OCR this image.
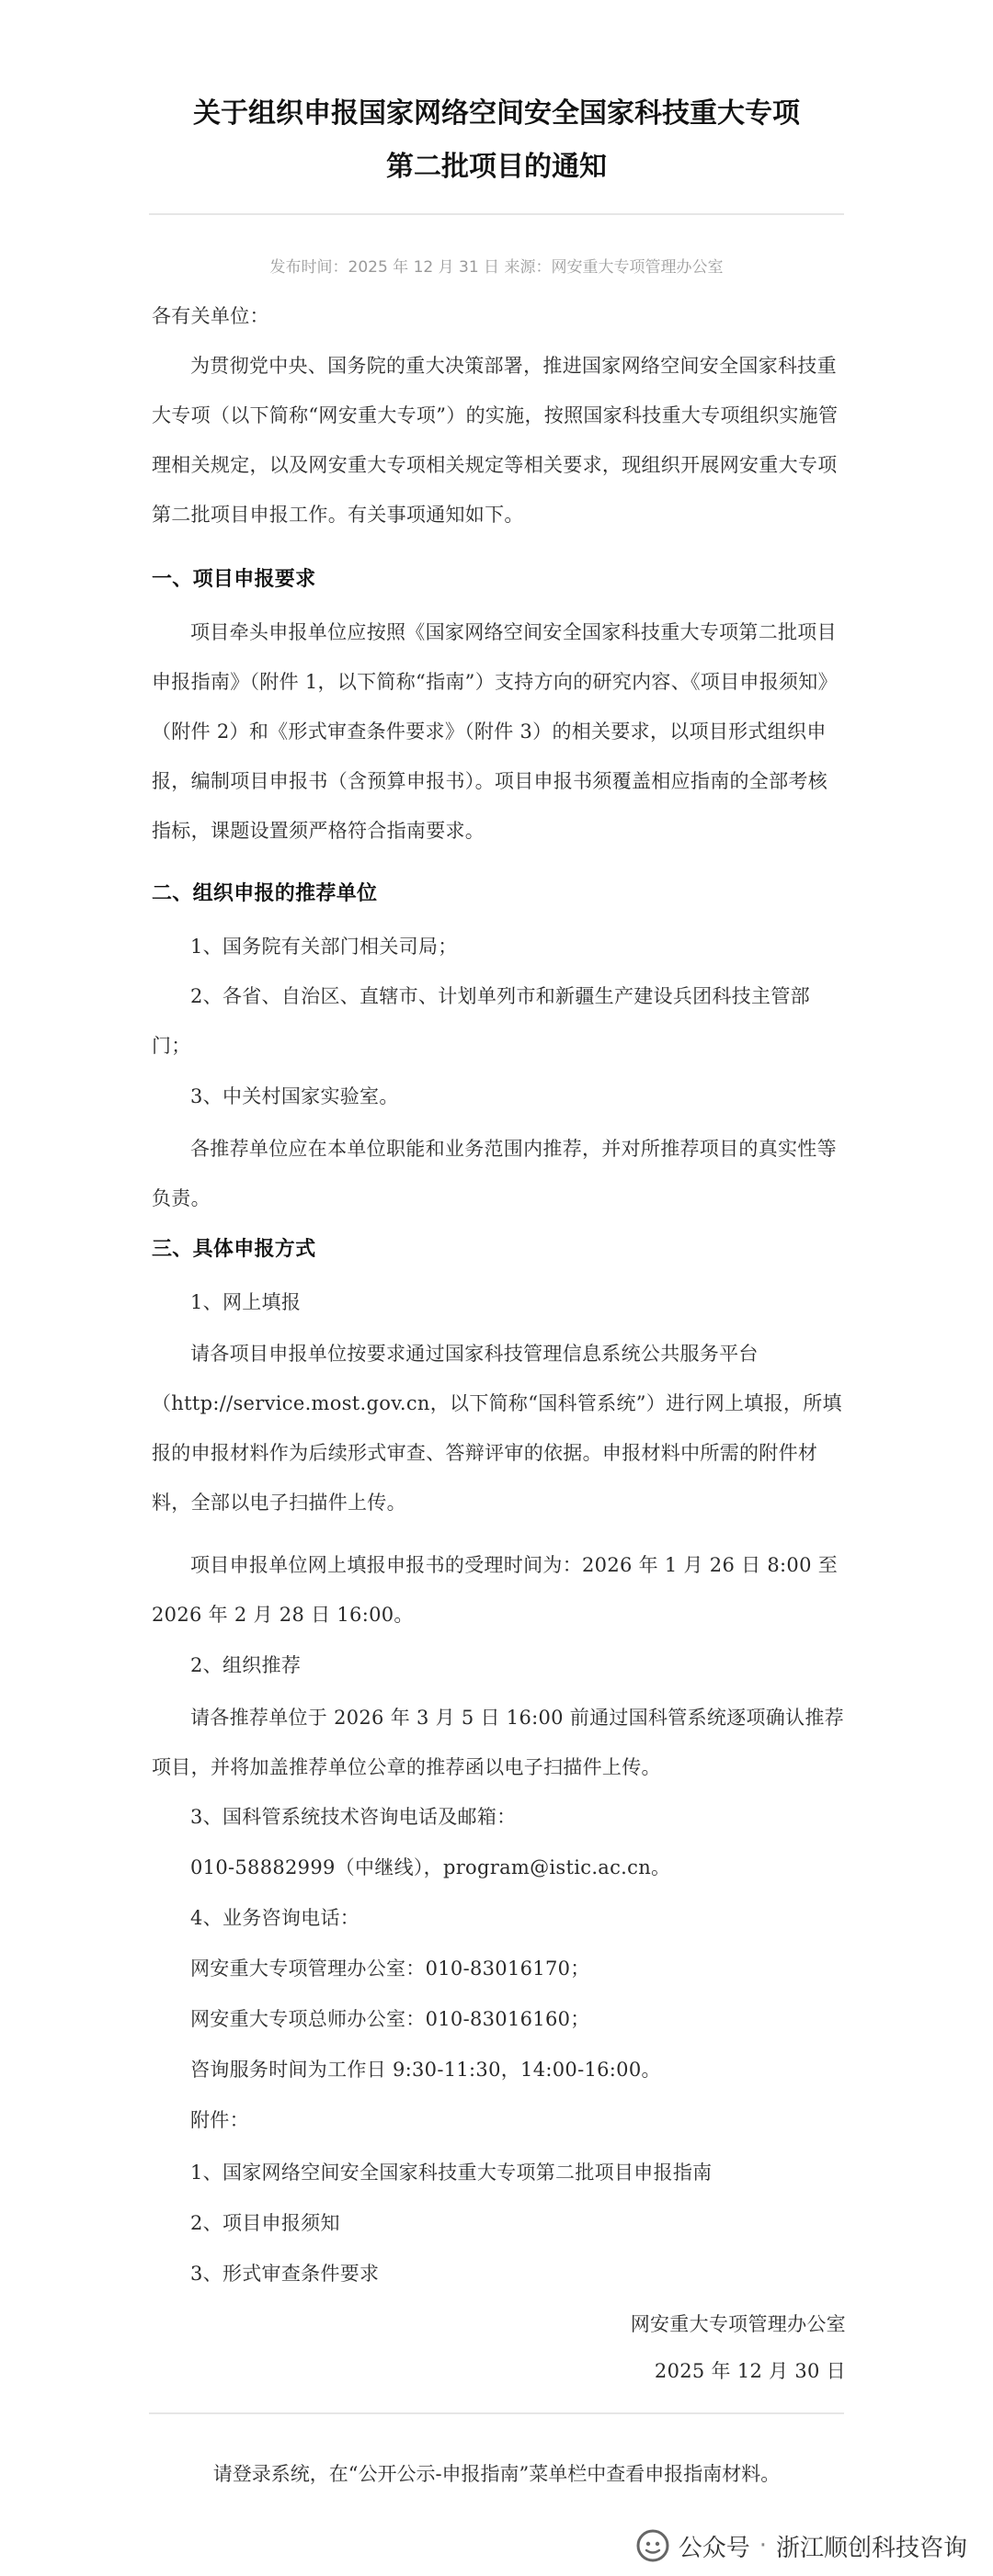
关于组织申报国家网络空间安全国家科技重大专项
第二批项目的通知
发布时间：2025 年 12 月 31 日 来源：网安重大专项管理办公室

各有关单位：

为贯彻党中央、国务院的重大决策部署，推进国家网络空间安全国家科技重大专项（以下简称“网安重大专项”）的实施，按照国家科技重大专项组织实施管理相关规定，以及网安重大专项相关规定等相关要求，现组织开展网安重大专项第二批项目申报工作。有关事项通知如下。

一、项目申报要求

项目牵头申报单位应按照《国家网络空间安全国家科技重大专项第二批项目申报指南》（附件 1，以下简称“指南”）支持方向的研究内容、《项目申报须知》（附件 2）和《形式审查条件要求》（附件 3）的相关要求，以项目形式组织申报，编制项目申报书（含预算申报书）。项目申报书须覆盖相应指南的全部考核指标，课题设置须严格符合指南要求。

二、组织申报的推荐单位

1、国务院有关部门相关司局；

2、各省、自治区、直辖市、计划单列市和新疆生产建设兵团科技主管部门；

3、中关村国家实验室。

各推荐单位应在本单位职能和业务范围内推荐，并对所推荐项目的真实性等负责。

三、具体申报方式

1、网上填报

请各项目申报单位按要求通过国家科技管理信息系统公共服务平台（http://service.most.gov.cn，以下简称“国科管系统”）进行网上填报，所填报的申报材料作为后续形式审查、答辩评审的依据。申报材料中所需的附件材料，全部以电子扫描件上传。

项目申报单位网上填报申报书的受理时间为：2026 年 1 月 26 日 8:00 至 2026 年 2 月 28 日 16:00。

2、组织推荐

请各推荐单位于 2026 年 3 月 5 日 16:00 前通过国科管系统逐项确认推荐项目，并将加盖推荐单位公章的推荐函以电子扫描件上传。

3、国科管系统技术咨询电话及邮箱：

010-58882999（中继线），program@istic.ac.cn。

4、业务咨询电话：

网安重大专项管理办公室：010-83016170；

网安重大专项总师办公室：010-83016160；

咨询服务时间为工作日 9:30-11:30，14:00-16:00。

附件：

1、国家网络空间安全国家科技重大专项第二批项目申报指南

2、项目申报须知

3、形式审查条件要求

网安重大专项管理办公室

2025 年 12 月 30 日

请登录系统，在“公开公示-申报指南”菜单栏中查看申报指南材料。
公众号 · 浙江顺创科技咨询
